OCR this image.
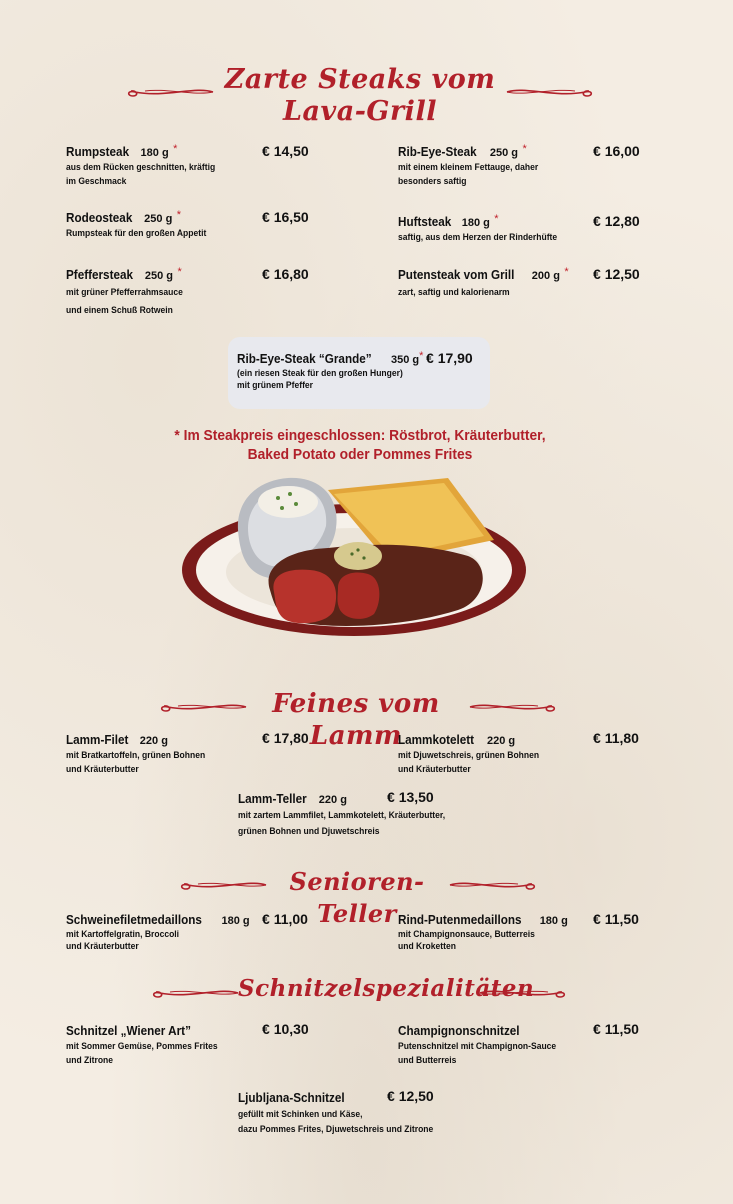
Zarte Steaks vom
Lava-Grill
Rumpsteak 180 g *
aus dem Rücken geschnitten, kräftig
im Geschmack
€ 14,50	Rib-Eye-Steak 250 g *
mit einem kleinem Fettauge, daher
besonders saftig
€ 16,00
Rodeosteak 250 g *
Rumpsteak für den großen Appetit
€ 16,50	Huftsteak 180 g *
saftig, aus dem Herzen der Rinderhüfte
€ 12,80
Pfeffersteak 250 g *
mit grüner Pfefferrahmsauce
und einem Schuß Rotwein
€ 16,80	Putensteak vom Grill 200 g *
zart, saftig und kalorienarm
€ 12,50
Rib-Eye-Steak “Grande” 350 g*
(ein riesen Steak für den großen Hunger)
mit grünem Pfeffer
€ 17,90
* Im Steakpreis eingeschlossen: Röstbrot, Kräuterbutter,
Baked Potato oder Pommes Frites
Feines vom Lamm
Lamm-Filet 220 g
mit Bratkartoffeln, grünen Bohnen
und Kräuterbutter
€ 17,80	Lammkotelett 220 g
mit Djuwetschreis, grünen Bohnen
und Kräuterbutter
€ 11,80
Lamm-Teller 220 g
mit zartem Lammfilet, Lammkotelett, Kräuterbutter,
grünen Bohnen und Djuwetschreis
€ 13,50
Senioren-Teller
Schweinefiletmedaillons 180 g
mit Kartoffelgratin, Broccoli
und Kräuterbutter
€ 11,00	Rind-Putenmedaillons 180 g
mit Champignonsauce, Butterreis
und Kroketten
€ 11,50
Schnitzelspezialitäten
Schnitzel „Wiener Art”
mit Sommer Gemüse, Pommes Frites
und Zitrone
€ 10,30	Champignonschnitzel
Putenschnitzel mit Champignon-Sauce
und Butterreis
€ 11,50
Ljubljana-Schnitzel
gefüllt mit Schinken und Käse,
dazu Pommes Frites, Djuwetschreis und Zitrone
€ 12,50
